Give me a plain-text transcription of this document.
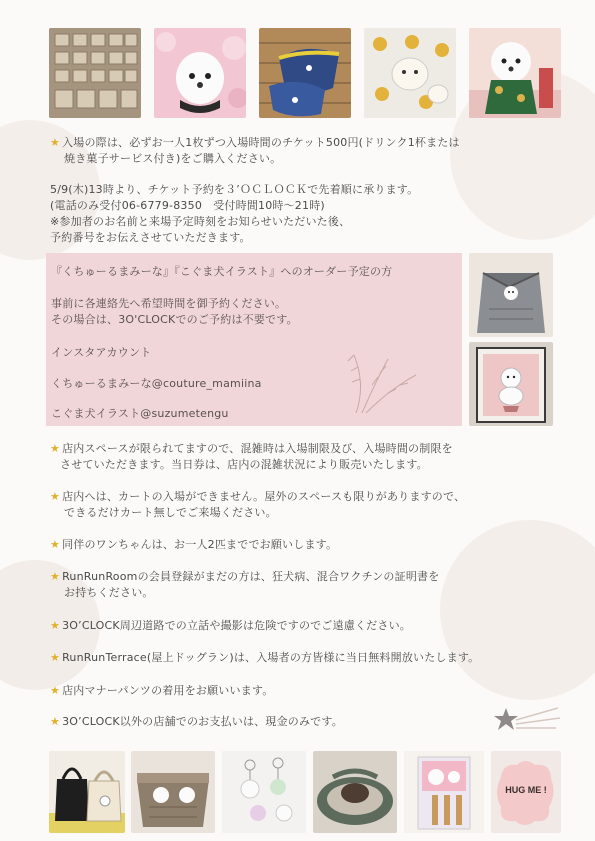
★ 入場の際は、必ずお一人1枚ずつ入場時間のチケット500円(ドリンク1杯または
焼き菓子サービス付き)をご購入ください。
5/9(木)13時より、チケット予約を３’ＯＣＬＯＣＫで先着順に承ります。
(電話のみ受付06-6779-8350　受付時間10時～21時)
※参加者のお名前と来場予定時刻をお知らせいただいた後、
予約番号をお伝えさせていただきます。
『くちゅーるまみーな』『こぐま犬イラスト』へのオーダー予定の方
事前に各連絡先へ希望時間を御予約ください。
その場合は、3O'CLOCKでのご予約は不要です。
インスタアカウント
くちゅーるまみーな@couture_mamiina
こぐま犬イラスト@suzumetengu
★ 店内スペースが限られてますので、混雑時は入場制限及び、入場時間の制限を
させていただきます。当日券は、店内の混雑状況により販売いたします。
★ 店内へは、カートの入場ができません。屋外のスペースも限りがありますので、
できるだけカート無しでご来場ください。
★ 同伴のワンちゃんは、お一人2匹まででお願いします。
★ RunRunRoomの会員登録がまだの方は、狂犬病、混合ワクチンの証明書を
お持ちください。
★ 3O’CLOCK周辺道路での立話や撮影は危険ですのでご遠慮ください。
★ RunRunTerrace(屋上ドッグラン)は、入場者の方皆様に当日無料開放いたします。
★ 店内マナーパンツの着用をお願いいます。
★ 3O’CLOCK以外の店舗でのお支払いは、現金のみです。
HUG ME !
